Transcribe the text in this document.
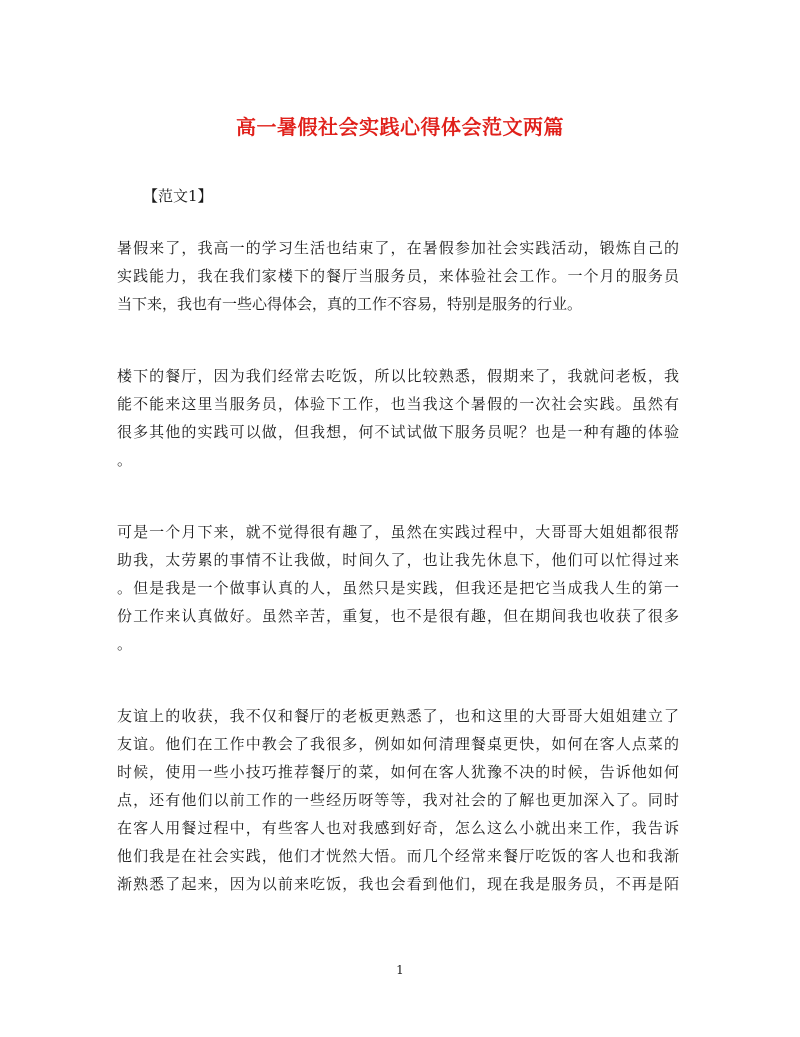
高一暑假社会实践心得体会范文两篇
【范文1】
暑假来了，我高一的学习生活也结束了，在暑假参加社会实践活动，锻炼自己的
实践能力，我在我们家楼下的餐厅当服务员，来体验社会工作。一个月的服务员
当下来，我也有一些心得体会，真的工作不容易，特别是服务的行业。
楼下的餐厅，因为我们经常去吃饭，所以比较熟悉，假期来了，我就问老板，我
能不能来这里当服务员，体验下工作，也当我这个暑假的一次社会实践。虽然有
很多其他的实践可以做，但我想，何不试试做下服务员呢？也是一种有趣的体验
。
可是一个月下来，就不觉得很有趣了，虽然在实践过程中，大哥哥大姐姐都很帮
助我，太劳累的事情不让我做，时间久了，也让我先休息下，他们可以忙得过来
。但是我是一个做事认真的人，虽然只是实践，但我还是把它当成我人生的第一
份工作来认真做好。虽然辛苦，重复，也不是很有趣，但在期间我也收获了很多
。
友谊上的收获，我不仅和餐厅的老板更熟悉了，也和这里的大哥哥大姐姐建立了
友谊。他们在工作中教会了我很多，例如如何清理餐桌更快，如何在客人点菜的
时候，使用一些小技巧推荐餐厅的菜，如何在客人犹豫不决的时候，告诉他如何
点，还有他们以前工作的一些经历呀等等，我对社会的了解也更加深入了。同时
在客人用餐过程中，有些客人也对我感到好奇，怎么这么小就出来工作，我告诉
他们我是在社会实践，他们才恍然大悟。而几个经常来餐厅吃饭的客人也和我渐
渐熟悉了起来，因为以前来吃饭，我也会看到他们，现在我是服务员，不再是陌
1
